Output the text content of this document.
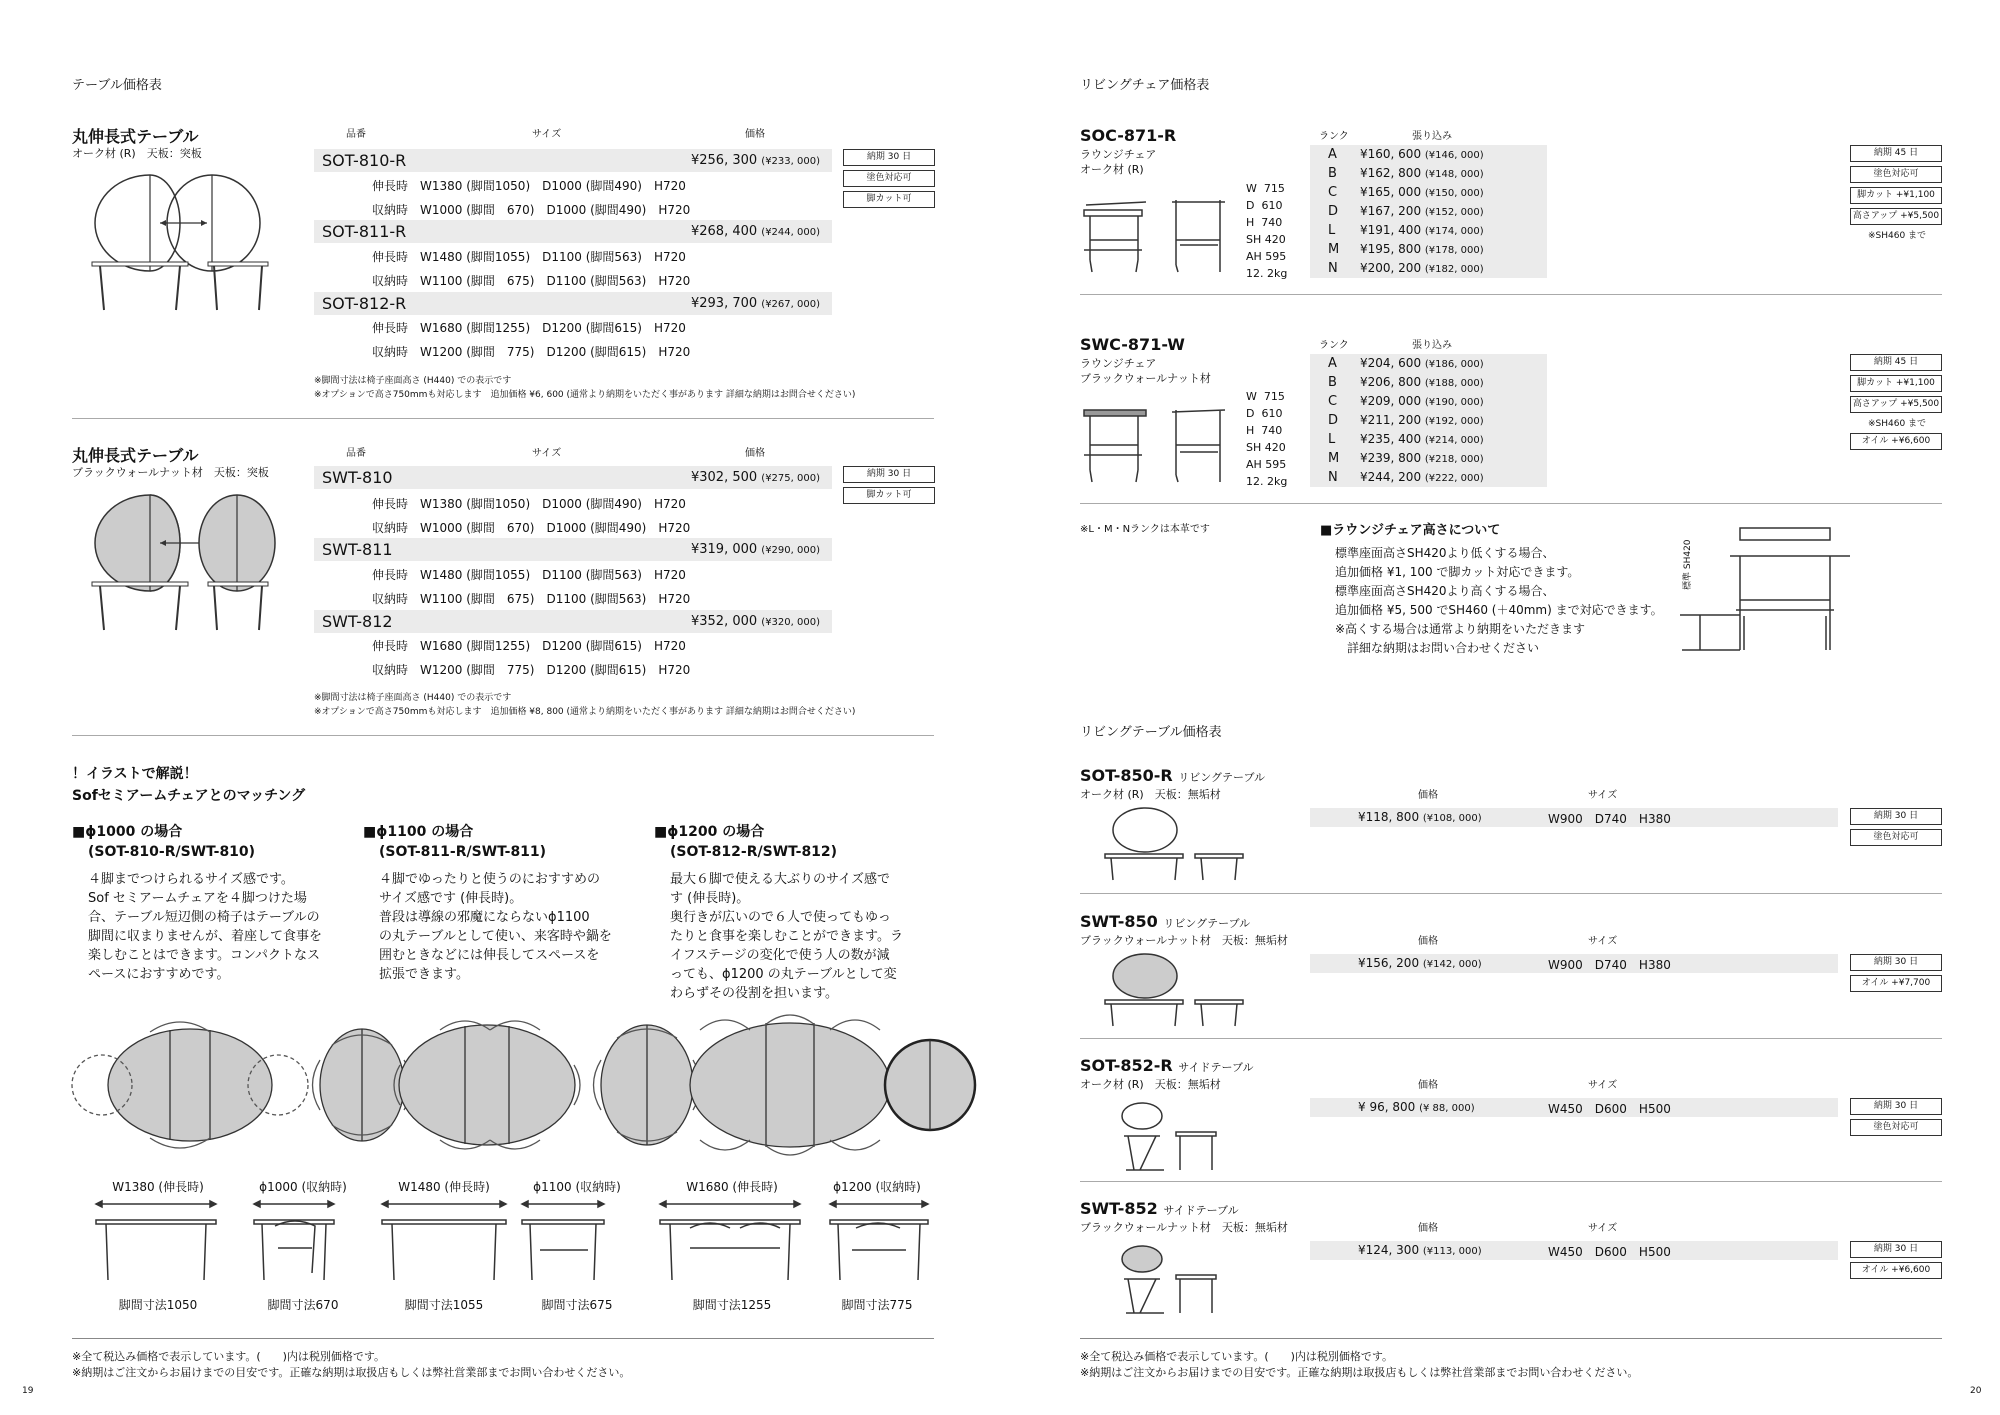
テーブル価格表
丸伸長式テーブル
オーク材 (R)　天板：突板
品番	サイズ	価格
SOT-810-R	¥256, 300 (¥233, 000)
伸長時　W1380 (脚間1050)　D1000 (脚間490)　H720
収納時　W1000 (脚間　670)　D1000 (脚間490)　H720
SOT-811-R	¥268, 400 (¥244, 000)
伸長時　W1480 (脚間1055)　D1100 (脚間563)　H720
収納時　W1100 (脚間　675)　D1100 (脚間563)　H720
SOT-812-R	¥293, 700 (¥267, 000)
伸長時　W1680 (脚間1255)　D1200 (脚間615)　H720
収納時　W1200 (脚間　775)　D1200 (脚間615)　H720
納期 30 日
塗色対応可
脚カット可
※脚間寸法は椅子座面高さ (H440) での表示です
※オプションで高さ750mmも対応します　追加価格 ¥6, 600 (通常より納期をいただく事があります 詳細な納期はお問合せください)
丸伸長式テーブル
ブラックウォールナット材　天板：突板
品番	サイズ	価格
SWT-810	¥302, 500 (¥275, 000)
伸長時　W1380 (脚間1050)　D1000 (脚間490)　H720
収納時　W1000 (脚間　670)　D1000 (脚間490)　H720
SWT-811	¥319, 000 (¥290, 000)
伸長時　W1480 (脚間1055)　D1100 (脚間563)　H720
収納時　W1100 (脚間　675)　D1100 (脚間563)　H720
SWT-812	¥352, 000 (¥320, 000)
伸長時　W1680 (脚間1255)　D1200 (脚間615)　H720
収納時　W1200 (脚間　775)　D1200 (脚間615)　H720
納期 30 日
脚カット可
※脚間寸法は椅子座面高さ (H440) での表示です
※オプションで高さ750mmも対応します　追加価格 ¥8, 800 (通常より納期をいただく事があります 詳細な納期はお問合せください)
！イラストで解説！
Sofセミアームチェアとのマッチング
■ϕ1000 の場合
(SOT-810-R/SWT-810)
４脚までつけられるサイズ感です。
Sof セミアームチェアを４脚つけた場
合、テーブル短辺側の椅子はテーブルの
脚間に収まりませんが、着座して食事を
楽しむことはできます。コンパクトなス
ペースにおすすめです。
■ϕ1100 の場合
(SOT-811-R/SWT-811)
４脚でゆったりと使うのにおすすめの
サイズ感です (伸長時)。
普段は導線の邪魔にならないϕ1100
の丸テーブルとして使い、来客時や鍋を
囲むときなどには伸長してスペースを
拡張できます。
■ϕ1200 の場合
(SOT-812-R/SWT-812)
最大６脚で使える大ぶりのサイズ感で
す (伸長時)。
奥行きが広いので６人で使ってもゆっ
たりと食事を楽しむことができます。ラ
イフステージの変化で使う人の数が減
っても、ϕ1200 の丸テーブルとして変
わらずその役割を担います。
W1380 (伸長時)	ϕ1000 (収納時)	W1480 (伸長時)	ϕ1100 (収納時)	W1680 (伸長時)	ϕ1200 (収納時)
脚間寸法1050	脚間寸法670	脚間寸法1055	脚間寸法675	脚間寸法1255	脚間寸法775
※全て税込み価格で表示しています。(　　)内は税別価格です。
※納期はご注文からお届けまでの目安です。正確な納期は取扱店もしくは弊社営業部までお問い合わせください。
19
リビングチェア価格表
SOC-871-R
ラウンジチェア
オーク材 (R)
ランク	張り込み
W  715
D  610
H  740
SH 420
AH 595
12. 2kg
A ¥160, 600 (¥146, 000)
B ¥162, 800 (¥148, 000)
C ¥165, 000 (¥150, 000)
D ¥167, 200 (¥152, 000)
L ¥191, 400 (¥174, 000)
M ¥195, 800 (¥178, 000)
N ¥200, 200 (¥182, 000)
納期 45 日
塗色対応可
脚カット +¥1,100
高さアップ +¥5,500
※SH460 まで
SWC-871-W
ラウンジチェア
ブラックウォールナット材
ランク	張り込み
W  715
D  610
H  740
SH 420
AH 595
12. 2kg
A ¥204, 600 (¥186, 000)
B ¥206, 800 (¥188, 000)
C ¥209, 000 (¥190, 000)
D ¥211, 200 (¥192, 000)
L ¥235, 400 (¥214, 000)
M ¥239, 800 (¥218, 000)
N ¥244, 200 (¥222, 000)
納期 45 日
脚カット +¥1,100
高さアップ +¥5,500
※SH460 まで
オイル +¥6,600
※L・M・Nランクは本革です	■ラウンジチェア高さについて
標準座面高さSH420より低くする場合、
追加価格 ¥1, 100 で脚カット対応できます。
標準座面高さSH420より高くする場合、
追加価格 ¥5, 500 でSH460 (＋40mm) まで対応できます。
※高くする場合は通常より納期をいただきます
　詳細な納期はお問い合わせください
標準 SH420
リビングテーブル価格表
SOT-850-R リビングテーブル
オーク材 (R)　天板：無垢材	価格	サイズ
¥118, 800 (¥108, 000)	W900　D740　H380	納期 30 日
塗色対応可
SWT-850 リビングテーブル
ブラックウォールナット材　天板：無垢材	価格	サイズ
¥156, 200 (¥142, 000)	W900　D740　H380	納期 30 日
オイル +¥7,700
SOT-852-R サイドテーブル
オーク材 (R)　天板：無垢材	価格	サイズ
¥ 96, 800 (¥ 88, 000)	W450　D600　H500	納期 30 日
塗色対応可
SWT-852 サイドテーブル
ブラックウォールナット材　天板：無垢材	価格	サイズ
¥124, 300 (¥113, 000)	W450　D600　H500	納期 30 日
オイル +¥6,600
※全て税込み価格で表示しています。(　　)内は税別価格です。
※納期はご注文からお届けまでの目安です。正確な納期は取扱店もしくは弊社営業部までお問い合わせください。
20
